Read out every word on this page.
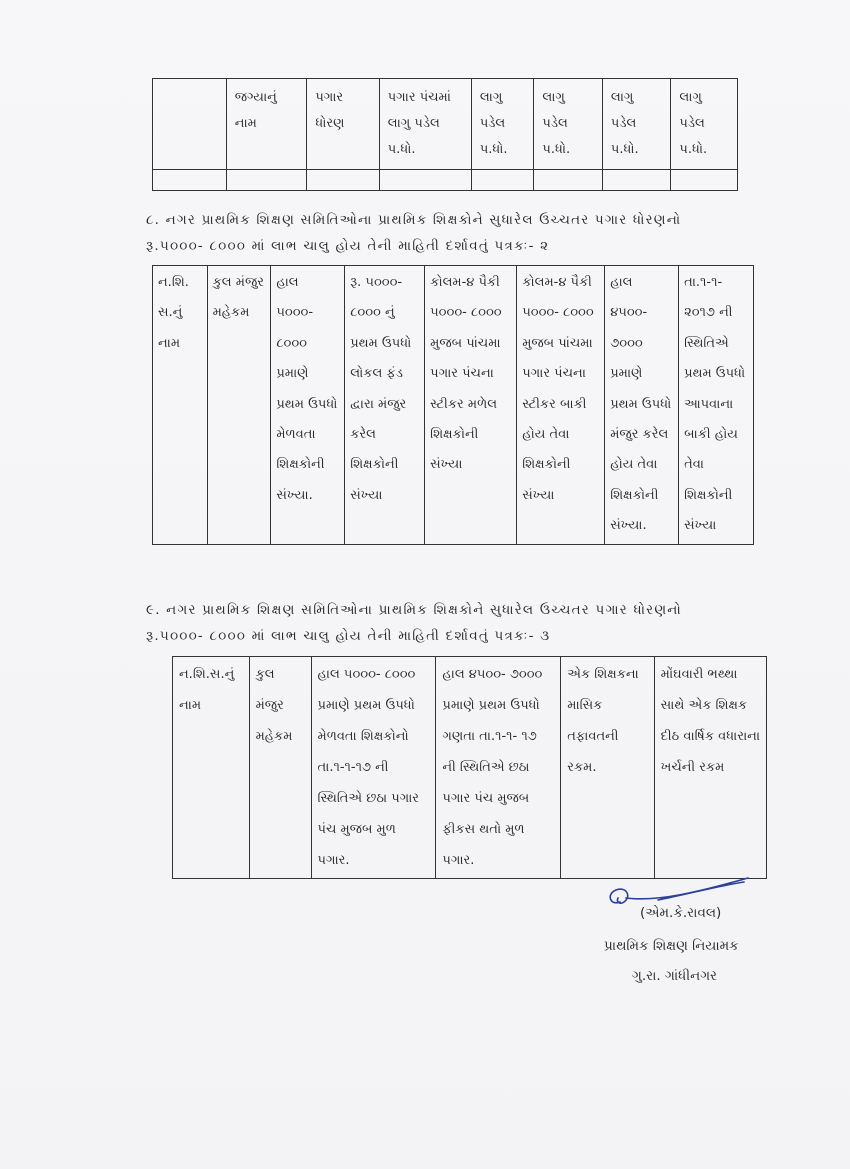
	જગ્યાનું નામ	પગાર ધોરણ	પગાર પંચમાં લાગુ પડેલ પ.ધો.	લાગુ પડેલ પ.ધો.	લાગુ પડેલ પ.ધો.	લાગુ પડેલ પ.ધો.	લાગુ પડેલ પ.ધો.

૮. નગર પ્રાથમિક શિક્ષણ સમિતિઓના પ્રાથમિક શિક્ષકોને સુધારેલ ઉચ્ચતર પગાર ધોરણનો
રૂ.૫૦૦૦- ૮૦૦૦ માં લાભ ચાલુ હોય તેની માહિતી દર્શાવતું પત્રકઃ- ૨
ન.શિ. સ.નું નામ	કુલ મંજુર મહેકમ	હાલ ૫૦૦૦- ૮૦૦૦ પ્રમાણે પ્રથમ ઉપધો મેળવતા શિક્ષકોની સંખ્યા.	રૂ. ૫૦૦૦- ૮૦૦૦ નું પ્રથમ ઉપધો લોકલ ફંડ દ્વારા મંજુર કરેલ શિક્ષકોની સંખ્યા	કોલમ-૪ પૈકી ૫૦૦૦- ૮૦૦૦ મુજબ પાંચમા પગાર પંચના સ્ટીકર મળેલ શિક્ષકોની સંખ્યા	કોલમ-૪ પૈકી ૫૦૦૦- ૮૦૦૦ મુજબ પાંચમા પગાર પંચના સ્ટીકર બાકી હોય તેવા શિક્ષકોની સંખ્યા	હાલ ૪૫૦૦- ૭૦૦૦ પ્રમાણે પ્રથમ ઉપધો મંજુર કરેલ હોય તેવા શિક્ષકોની સંખ્યા.	તા.૧-૧- ૨૦૧૭ ની સ્થિતિએ પ્રથમ ઉપધો આપવાના બાકી હોય તેવા શિક્ષકોની સંખ્યા
૯. નગર પ્રાથમિક શિક્ષણ સમિતિઓના પ્રાથમિક શિક્ષકોને સુધારેલ ઉચ્ચતર પગાર ધોરણનો
રૂ.૫૦૦૦- ૮૦૦૦ માં લાભ ચાલુ હોય તેની માહિતી દર્શાવતું પત્રકઃ- ૩
ન.શિ.સ.નું નામ	કુલ મંજુર મહેકમ	હાલ ૫૦૦૦- ૮૦૦૦ પ્રમાણે પ્રથમ ઉપધો મેળવતા શિક્ષકોનો તા.૧-૧-૧૭ ની સ્થિતિએ છઠા પગાર પંચ મુજબ મુળ પગાર.	હાલ ૪૫૦૦- ૭૦૦૦ પ્રમાણે પ્રથમ ઉપધો ગણતા તા.૧-૧- ૧૭ ની સ્થિતિએ છઠા પગાર પંચ મુજબ ફીકસ થતો મુળ પગાર.	એક શિક્ષકના માસિક તફાવતની રકમ.	મોંઘવારી ભથ્થા સાથે એક શિક્ષક દીઠ વાર્ષિક વધારાના ખર્ચની રકમ
(એમ.કે.રાવલ)
પ્રાથમિક શિક્ષણ નિયામક
ગુ.રા. ગાંધીનગર
